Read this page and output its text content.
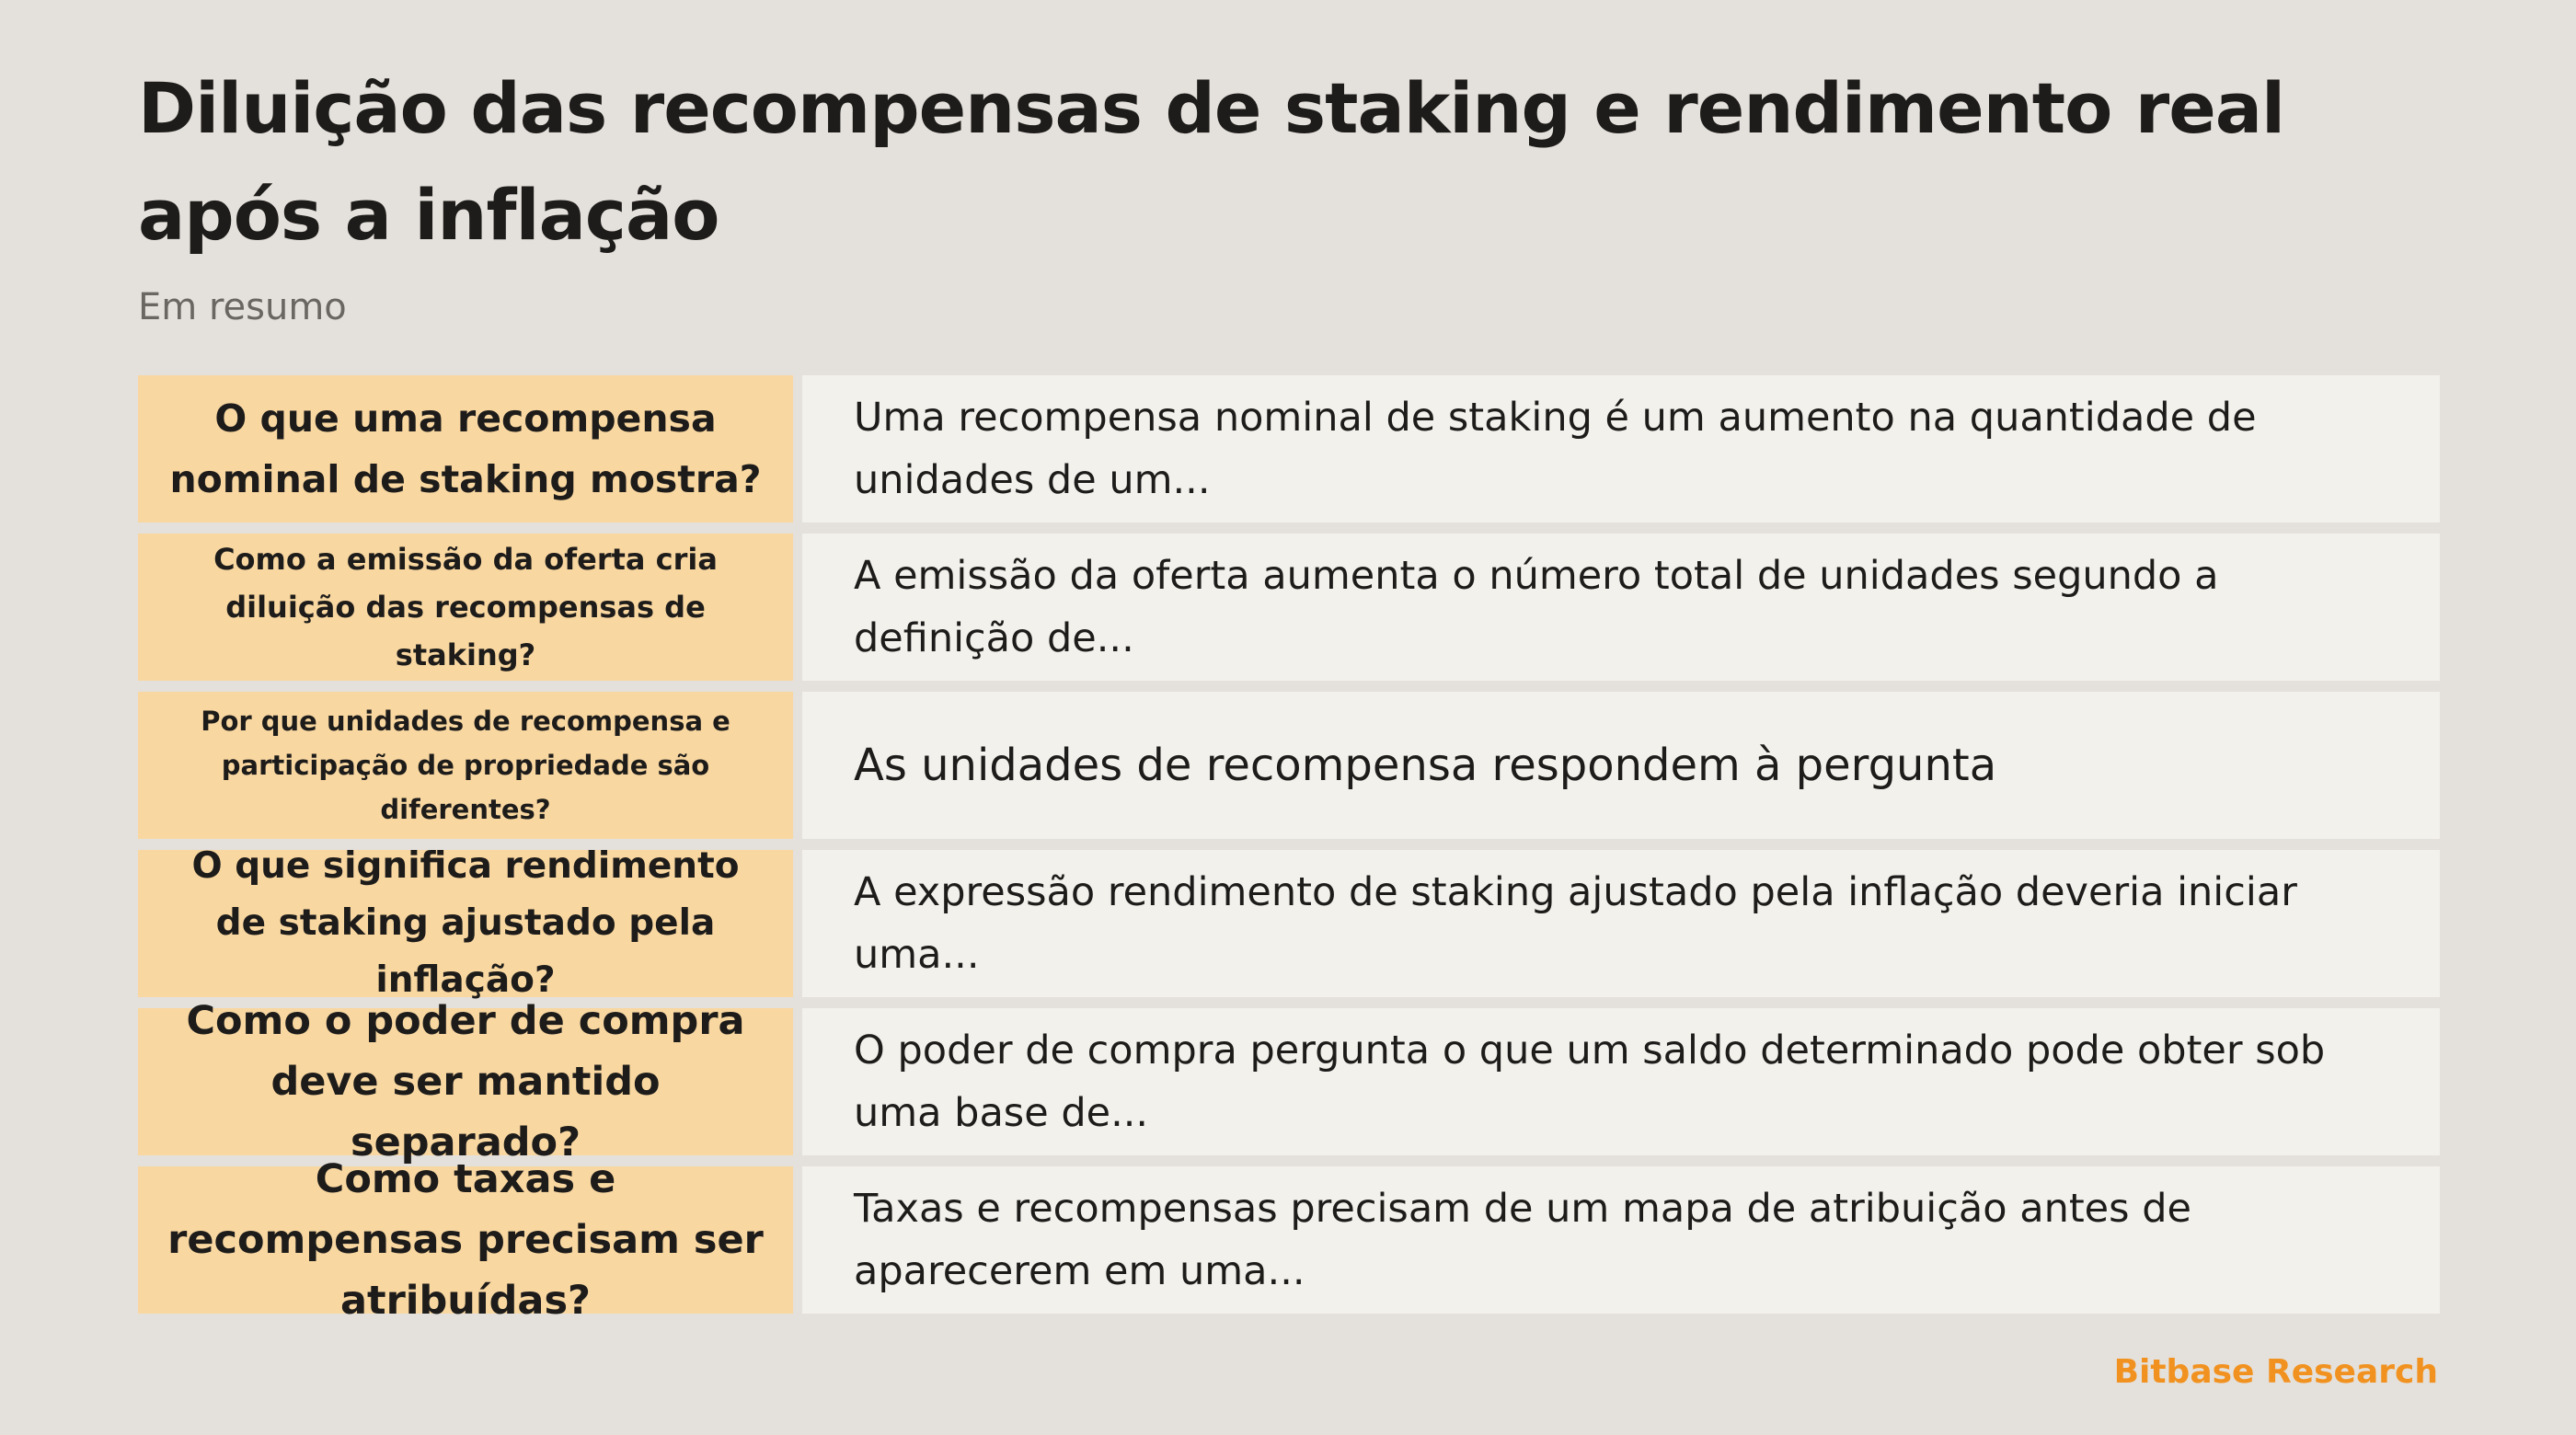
Diluição das recompensas de staking e rendimento real após a inflação

Em resumo

O que uma recompensa nominal de staking mostra?
Uma recompensa nominal de staking é um aumento na quantidade de unidades de um...
Como a emissão da oferta cria diluição das recompensas de staking?
A emissão da oferta aumenta o número total de unidades segundo a definição de...
Por que unidades de recompensa e participação de propriedade são diferentes?
As unidades de recompensa respondem à pergunta
O que significa rendimento de staking ajustado pela inflação?
A expressão rendimento de staking ajustado pela inflação deveria iniciar uma...
Como o poder de compra deve ser mantido separado?
O poder de compra pergunta o que um saldo determinado pode obter sob uma base de...
Como taxas e recompensas precisam ser atribuídas?
Taxas e recompensas precisam de um mapa de atribuição antes de aparecerem em uma...
Bitbase Research
